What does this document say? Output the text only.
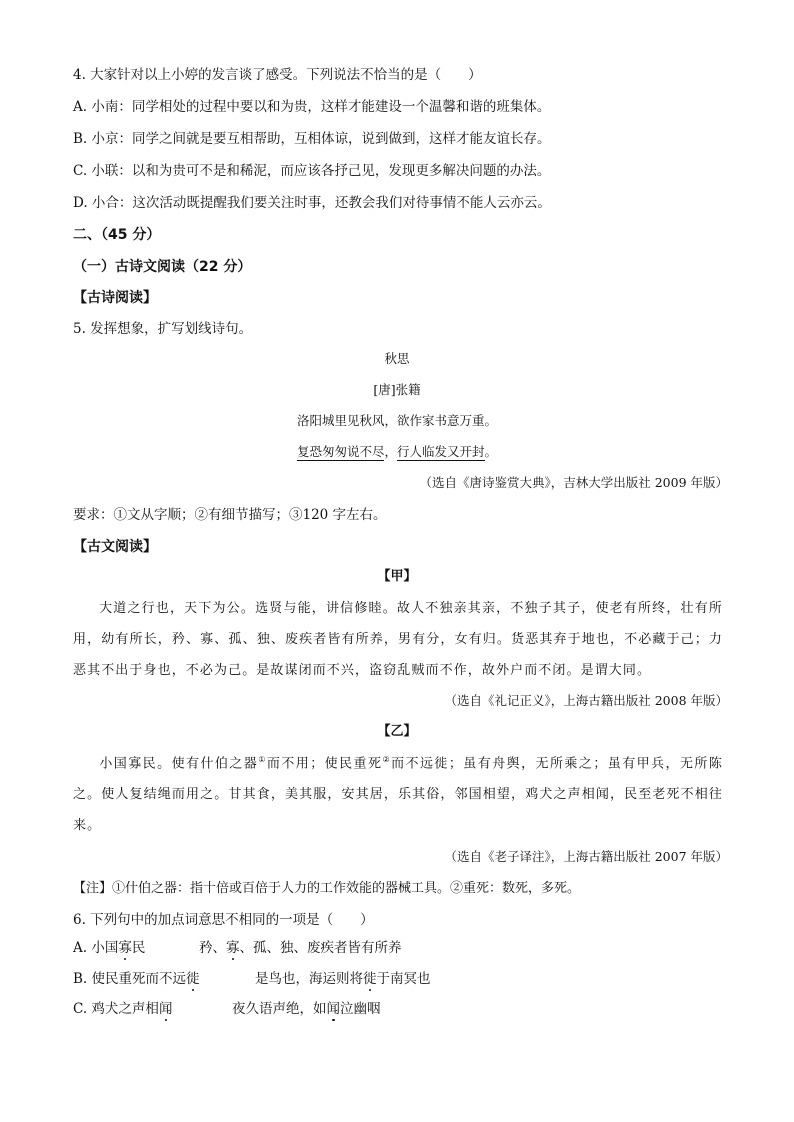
4. 大家针对以上小婷的发言谈了感受。下列说法不恰当的是（　　）
A. 小南：同学相处的过程中要以和为贵，这样才能建设一个温馨和谐的班集体。
B. 小京：同学之间就是要互相帮助，互相体谅，说到做到，这样才能友谊长存。
C. 小联：以和为贵可不是和稀泥，而应该各抒己见，发现更多解决问题的办法。
D. 小合：这次活动既提醒我们要关注时事，还教会我们对待事情不能人云亦云。
二、（45 分）
（一）古诗文阅读（22 分）
【古诗阅读】
5. 发挥想象，扩写划线诗句。
秋思
[唐]张籍
洛阳城里见秋风，欲作家书意万重。
复恐匆匆说不尽，行人临发又开封。
（选自《唐诗鉴赏大典》，吉林大学出版社 2009 年版）
要求：①文从字顺；②有细节描写；③120 字左右。
【古文阅读】
【甲】
大道之行也，天下为公。选贤与能，讲信修睦。故人不独亲其亲，不独子其子，使老有所终，壮有所用，幼有所长，矜、寡、孤、独、废疾者皆有所养，男有分，女有归。货恶其弃于地也，不必藏于己；力恶其不出于身也，不必为己。是故谋闭而不兴，盗窃乱贼而不作，故外户而不闭。是谓大同。
（选自《礼记正义》，上海古籍出版社 2008 年版）
【乙】
小国寡民。使有什伯之器①而不用；使民重死②而不远徙；虽有舟舆，无所乘之；虽有甲兵，无所陈之。使人复结绳而用之。甘其食，美其服，安其居，乐其俗，邻国相望，鸡犬之声相闻，民至老死不相往来。
（选自《老子译注》，上海古籍出版社 2007 年版）
【注】①什伯之器：指十倍或百倍于人力的工作效能的器械工具。②重死：数死，多死。
6. 下列句中的加点词意思不相同的一项是（　　）
A. 小国寡民	矜、寡、孤、独、废疾者皆有所养
B. 使民重死而不远徙	是鸟也，海运则将徙于南冥也
C. 鸡犬之声相闻	夜久语声绝，如闻泣幽咽
